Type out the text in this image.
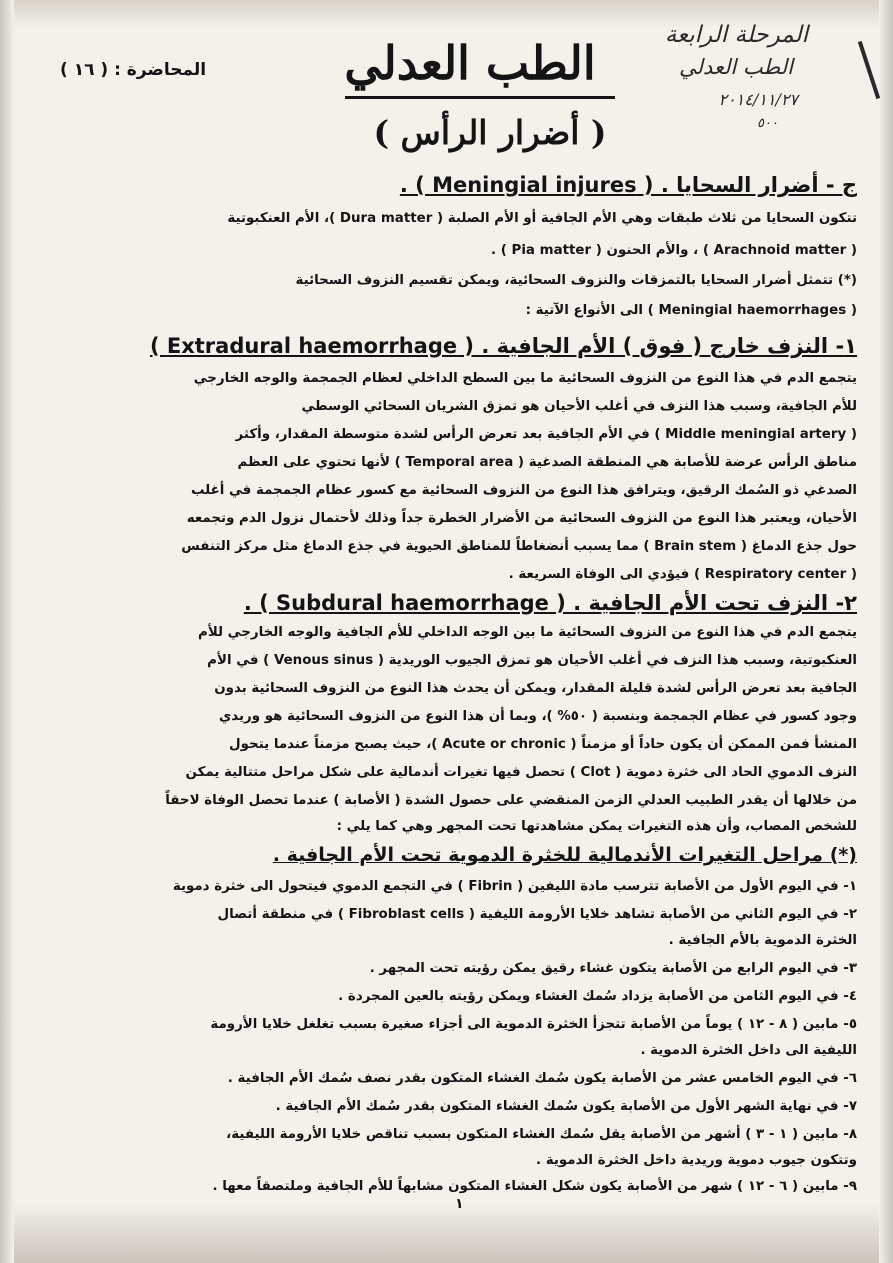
المرحلة الرابعة
الطب العدلي
٢٠١٤/١١/٢٧
٥٠٠
المحاضرة : ( ١٦ )	الطب العدلي
( أضرار الرأس )
ج - أضرار السحايا . ( Meningial injures ) .
تتكون السحايا من ثلاث طبقات وهي الأم الجافية أو الأم الصلبة ( Dura matter )، الأم العنكبوتية
( Arachnoid matter ) ، والأم الحنون ( Pia matter ) .
(*) تتمثل أضرار السحايا بالتمزقات والنزوف السحائية، ويمكن تقسيم النزوف السحائية
( Meningial haemorrhages ) الى الأنواع الآتية :
١- النزف خارج ( فوق ) الأم الجافية . ( Extradural haemorrhage )
يتجمع الدم في هذا النوع من النزوف السحائية ما بين السطح الداخلي لعظام الجمجمة والوجه الخارجي
للأم الجافية، وسبب هذا النزف في أغلب الأحيان هو تمزق الشريان السحائي الوسطي
( Middle meningial artery ) في الأم الجافية بعد تعرض الرأس لشدة متوسطة المقدار، وأكثر
مناطق الرأس عرضة للأصابة هي المنطقة الصدغية ( Temporal area ) لأنها تحتوي على العظم
الصدغي ذو السُمك الرقيق، ويترافق هذا النوع من النزوف السحائية مع كسور عظام الجمجمة في أغلب
الأحيان، ويعتبر هذا النوع من النزوف السحائية من الأضرار الخطرة جداً وذلك لأحتمال نزول الدم وتجمعه
حول جذع الدماغ ( Brain stem ) مما يسبب أنضغاطاً للمناطق الحيوية في جذع الدماغ مثل مركز التنفس
( Respiratory center ) فيؤدي الى الوفاة السريعة .
٢- النزف تحت الأم الجافية . ( Subdural haemorrhage ) .
يتجمع الدم في هذا النوع من النزوف السحائية ما بين الوجه الداخلي للأم الجافية والوجه الخارجي للأم
العنكبوتية، وسبب هذا النزف في أغلب الأحيان هو تمزق الجيوب الوريدية ( Venous sinus ) في الأم
الجافية بعد تعرض الرأس لشدة قليلة المقدار، ويمكن أن يحدث هذا النوع من النزوف السحائية بدون
وجود كسور في عظام الجمجمة وبنسبة ( ٥٠% )، وبما أن هذا النوع من النزوف السحائية هو وريدي
المنشأ فمن الممكن أن يكون حاداً أو مزمناً ( Acute or chronic )، حيث يصبح مزمناً عندما يتحول
النزف الدموي الحاد الى خثرة دموية ( Clot ) تحصل فيها تغيرات أندمالية على شكل مراحل متتالية يمكن
من خلالها أن يقدر الطبيب العدلي الزمن المنقضي على حصول الشدة ( الأصابة ) عندما تحصل الوفاة لاحقاً
للشخص المصاب، وأن هذه التغيرات يمكن مشاهدتها تحت المجهر وهي كما يلي :
(*) مراحل التغيرات الأندمالية للخثرة الدموية تحت الأم الجافية .
١- في اليوم الأول من الأصابة تترسب مادة الليفين ( Fibrin ) في التجمع الدموي فيتحول الى خثرة دموية
٢- في اليوم الثاني من الأصابة تشاهد خلايا الأرومة الليفية ( Fibroblast cells ) في منطقة أتصال
الخثرة الدموية بالأم الجافية .
٣- في اليوم الرابع من الأصابة يتكون غشاء رقيق يمكن رؤيته تحت المجهر .
٤- في اليوم الثامن من الأصابة يزداد سُمك الغشاء ويمكن رؤيته بالعين المجردة .
٥- مابين ( ٨ - ١٢ ) يوماً من الأصابة تتجزأ الخثرة الدموية الى أجزاء صغيرة بسبب تغلغل خلايا الأرومة
الليفية الى داخل الخثرة الدموية .
٦- في اليوم الخامس عشر من الأصابة يكون سُمك الغشاء المتكون بقدر نصف سُمك الأم الجافية .
٧- في نهاية الشهر الأول من الأصابة يكون سُمك الغشاء المتكون بقدر سُمك الأم الجافية .
٨- مابين ( ١ - ٣ ) أشهر من الأصابة يقل سُمك الغشاء المتكون بسبب تناقص خلايا الأرومة الليفية،
وتتكون جيوب دموية وريدية داخل الخثرة الدموية .
٩- مابين ( ٦ - ١٢ ) شهر من الأصابة يكون شكل الغشاء المتكون مشابهاً للأم الجافية وملتصقاً معها .
١
